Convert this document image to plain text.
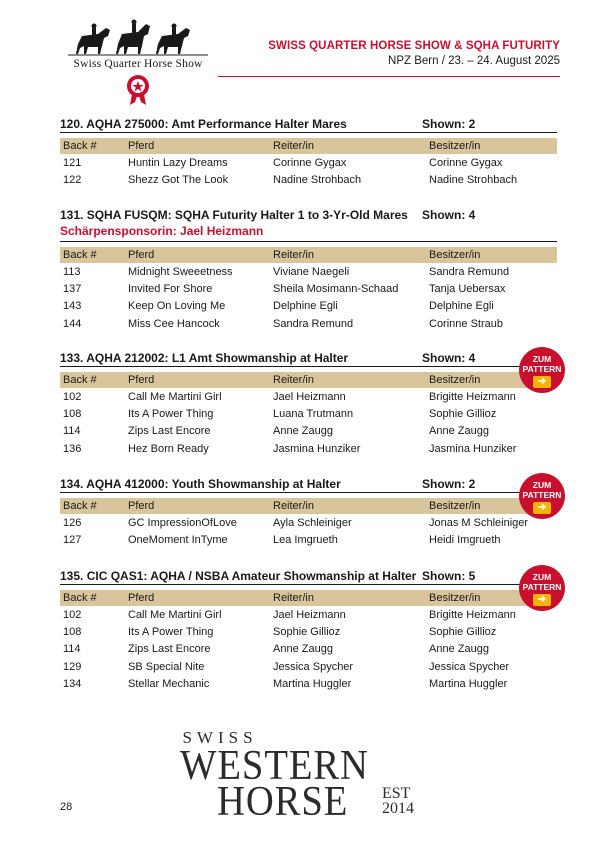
Swiss Quarter Horse Show
SWISS QUARTER HORSE SHOW & SQHA FUTURITY
NPZ Bern / 23. – 24. August 2025
120. AQHA 275000: Amt Performance Halter Mares	Shown: 2
Back #	Pferd	Reiter/in	Besitzer/in
121	Huntin Lazy Dreams	Corinne Gygax	Corinne Gygax
122	Shezz Got The Look	Nadine Strohbach	Nadine Strohbach
131. SQHA FUSQM: SQHA Futurity Halter 1 to 3-Yr-Old Mares Shown: 4
Schärpensponsorin: Jael Heizmann
Back #	Pferd	Reiter/in	Besitzer/in
113	Midnight Sweeetness	Viviane Naegeli	Sandra Remund
137	Invited For Shore	Sheila Mosimann-Schaad	Tanja Uebersax
143	Keep On Loving Me	Delphine Egli	Delphine Egli
144	Miss Cee Hancock	Sandra Remund	Corinne Straub
133. AQHA 212002: L1 Amt Showmanship at Halter	Shown: 4
Back #	Pferd	Reiter/in	Besitzer/in
102	Call Me Martini Girl	Jael Heizmann	Brigitte Heizmann
108	Its A Power Thing	Luana Trutmann	Sophie Gillioz
114	Zips Last Encore	Anne Zaugg	Anne Zaugg
136	Hez Born Ready	Jasmina Hunziker	Jasmina Hunziker
ZUM
PATTERN
➔
134. AQHA 412000: Youth Showmanship at Halter	Shown: 2
Back #	Pferd	Reiter/in	Besitzer/in
126	GC ImpressionOfLove	Ayla Schleiniger	Jonas M Schleiniger
127	OneMoment InTyme	Lea Imgrueth	Heidi Imgrueth
ZUM
PATTERN
➔
135. CIC QAS1: AQHA / NSBA Amateur Showmanship at Halter Shown: 5
Back #	Pferd	Reiter/in	Besitzer/in
102	Call Me Martini Girl	Jael Heizmann	Brigitte Heizmann
108	Its A Power Thing	Sophie Gillioz	Sophie Gillioz
114	Zips Last Encore	Anne Zaugg	Anne Zaugg
129	SB Special Nite	Jessica Spycher	Jessica Spycher
134	Stellar Mechanic	Martina Huggler	Martina Huggler
ZUM
PATTERN
➔
SWISS
WESTERN
HORSE EST
2014
28
